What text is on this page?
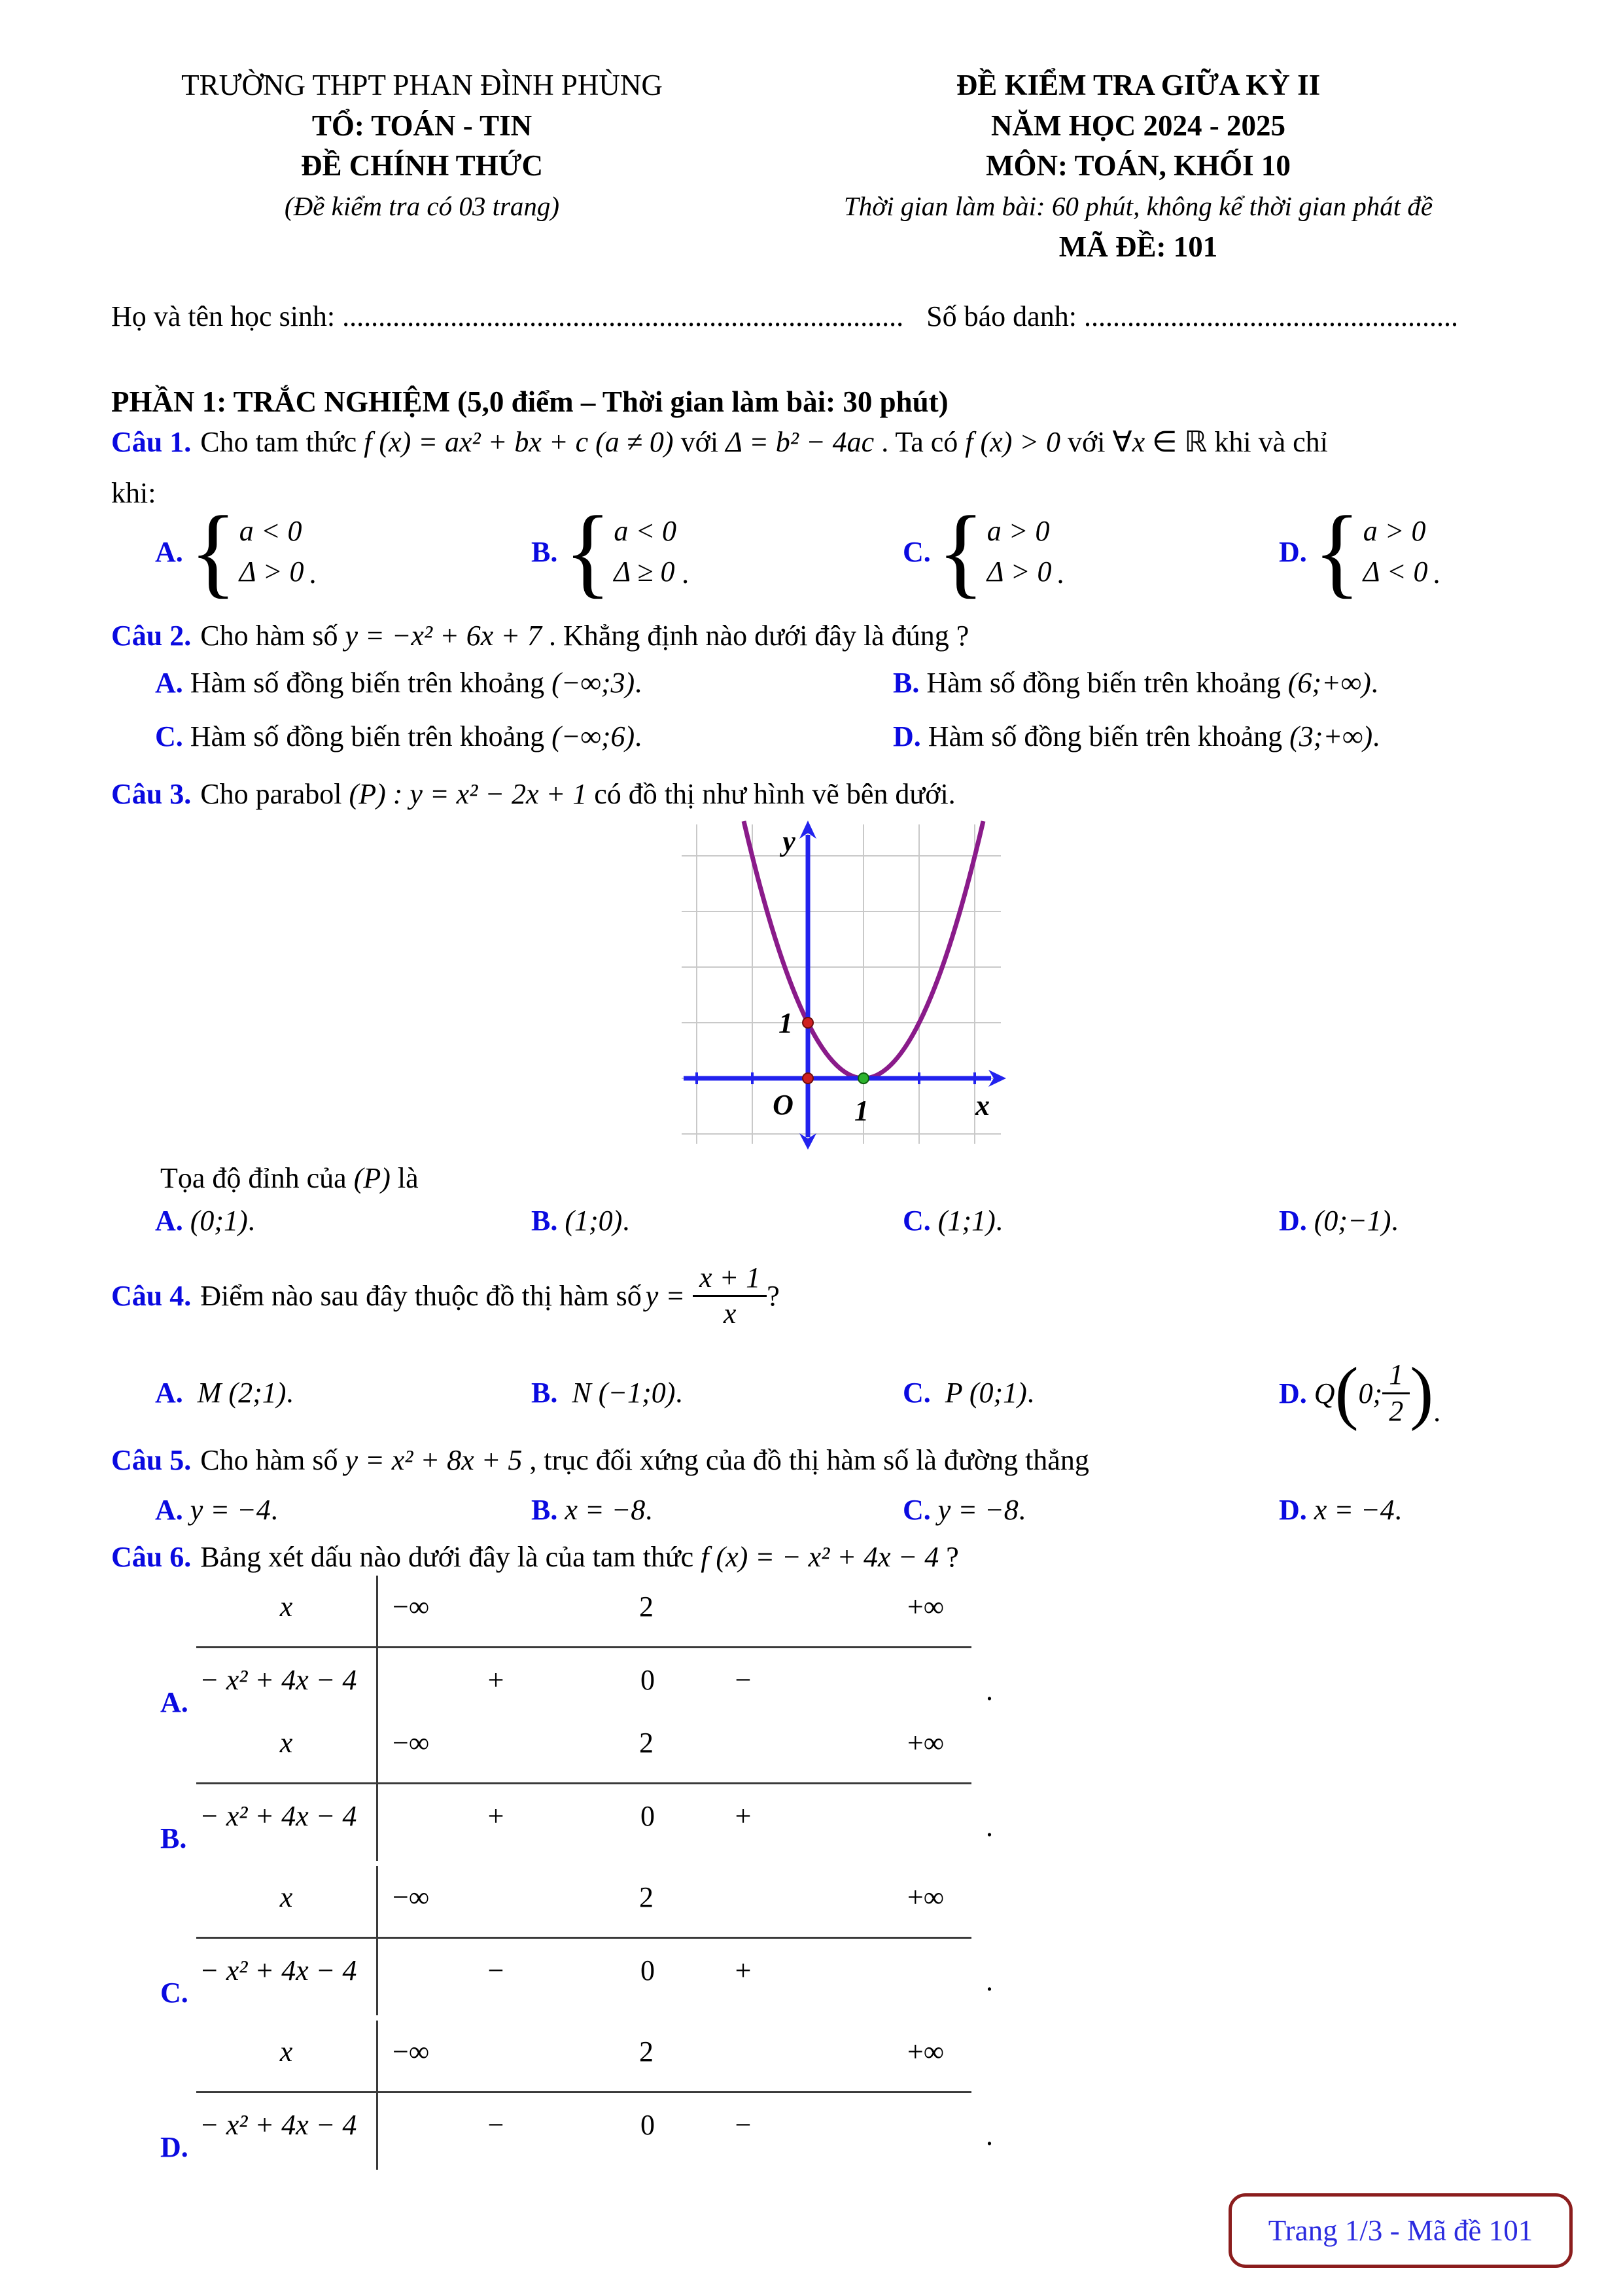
TRƯỜNG THPT PHAN ĐÌNH PHÙNG
TỔ: TOÁN - TIN
ĐỀ CHÍNH THỨC
(Đề kiểm tra có 03 trang)
ĐỀ KIỂM TRA GIỮA KỲ II
NĂM HỌC 2024 - 2025
MÔN: TOÁN, KHỐI 10
Thời gian làm bài: 60 phút, không kể thời gian phát đề
MÃ ĐỀ: 101
Họ và tên học sinh: .............................................................................. Số báo danh: ....................................................
PHẦN 1: TRẮC NGHIỆM (5,0 điểm – Thời gian làm bài: 30 phút)
Câu 1. Cho tam thức f (x) = ax² + bx + c (a ≠ 0) với Δ = b² − 4ac . Ta có f (x) > 0 với ∀x ∈ ℝ khi và chỉ
khi:
A. { a < 0
Δ > 0 .
B. { a < 0
Δ ≥ 0 .
C. { a > 0
Δ > 0 .
D. { a > 0
Δ < 0 .
Câu 2. Cho hàm số y = −x² + 6x + 7 . Khẳng định nào dưới đây là đúng ?
A. Hàm số đồng biến trên khoảng (−∞;3).	B. Hàm số đồng biến trên khoảng (6;+∞).
C. Hàm số đồng biến trên khoảng (−∞;6).	D. Hàm số đồng biến trên khoảng (3;+∞).
Câu 3. Cho parabol (P) : y = x² − 2x + 1 có đồ thị như hình vẽ bên dưới.
y
x
O 1
1
Tọa độ đỉnh của (P) là
A. (0;1).	B. (1;0).	C. (1;1).	D. (0;−1).
Câu 4. Điểm nào sau đây thuộc đồ thị hàm số $y = \frac{x + 1}{x}$ ?
A. M (2;1).	B. N (−1;0).	C. P (0;1).	D.
Q ( 0; $\frac{1}{2}$ ) .
Câu 5. Cho hàm số y = x² + 8x + 5 , trục đối xứng của đồ thị hàm số là đường thẳng
A. y = −4.	B. x = −8.	C. y = −8.	D. x = −4.
Câu 6. Bảng xét dấu nào dưới đây là của tam thức f (x) = − x² + 4x − 4 ?
A.
x	−∞	2	+∞
− x² + 4x − 4	+	0	−	.
B.
x	−∞	2	+∞
− x² + 4x − 4	+	0	+	.
C.
x	−∞	2	+∞
− x² + 4x − 4	−	0	+	.
D.
x	−∞	2	+∞
− x² + 4x − 4	−	0	−	.
Trang 1/3 - Mã đề 101
